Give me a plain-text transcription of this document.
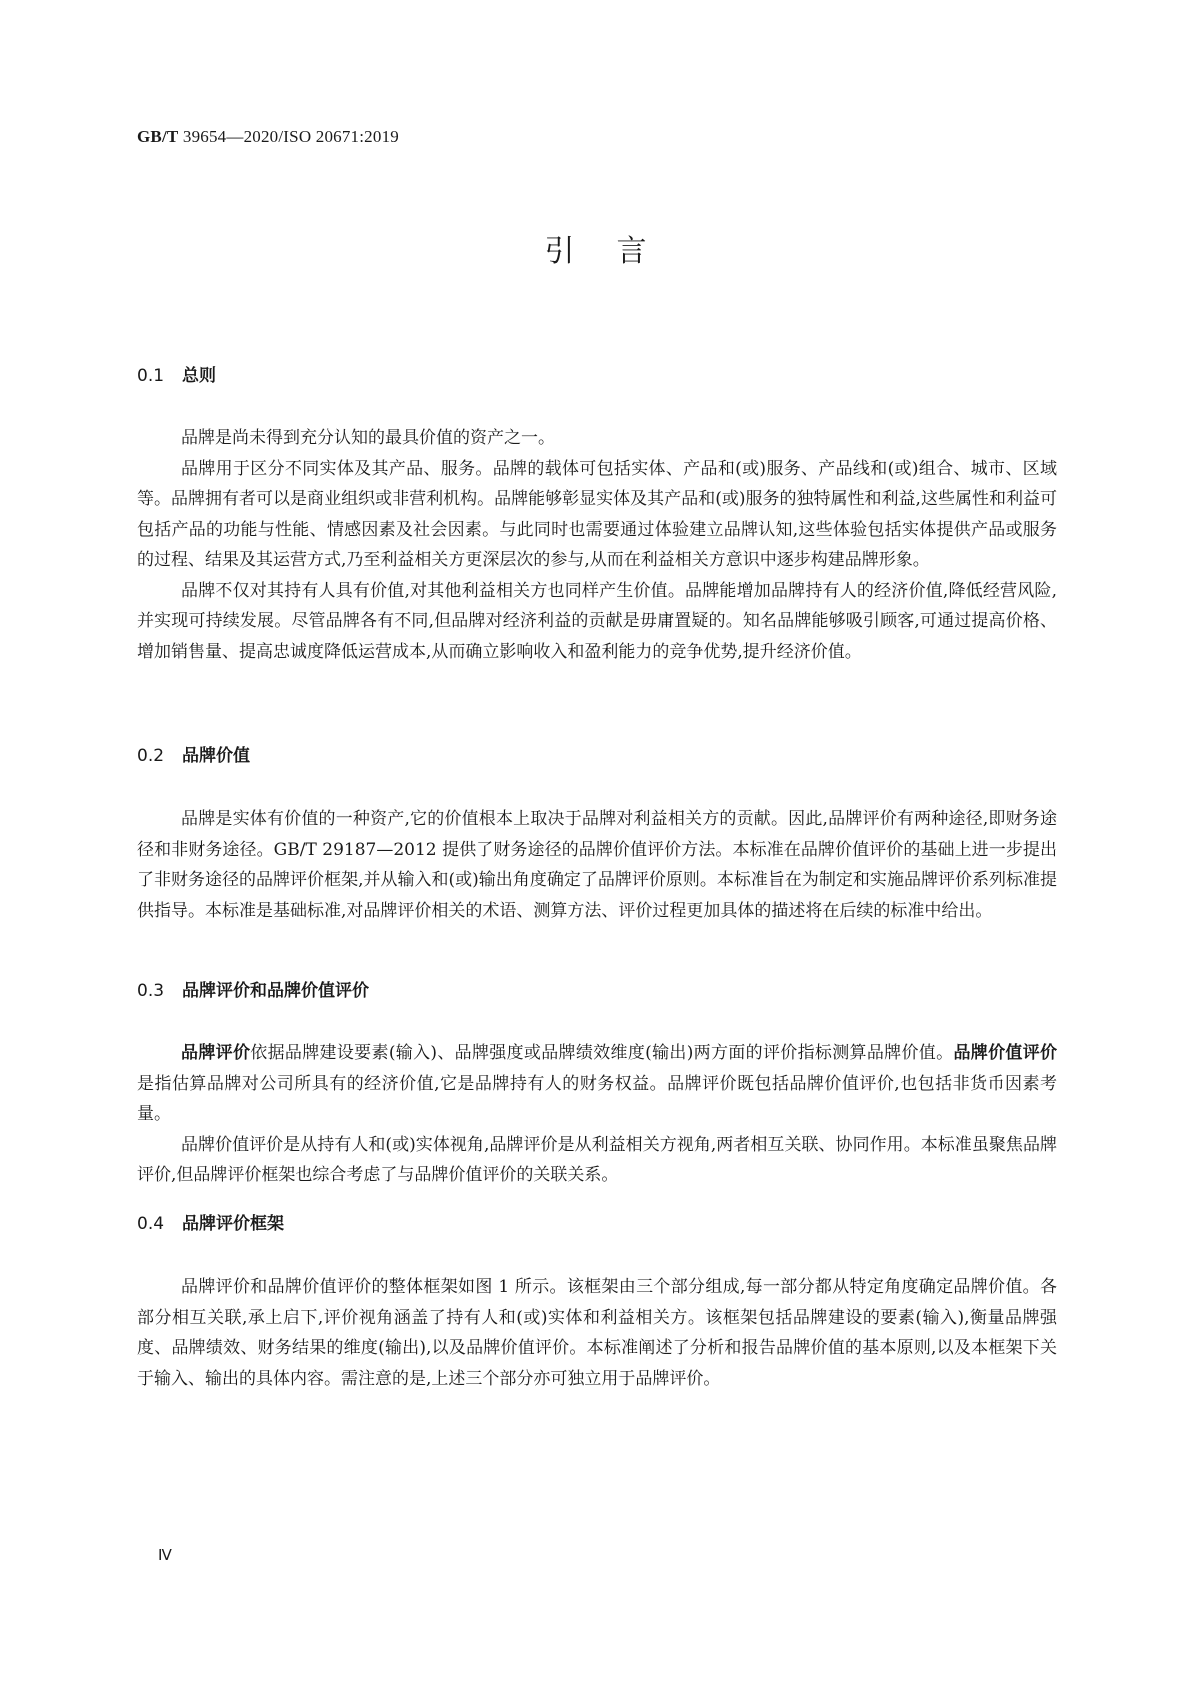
GB/T 39654—2020/ISO 20671:2019
引言
0.1 总则

品牌是尚未得到充分认知的最具价值的资产之一。

品牌用于区分不同实体及其产品、服务。品牌的载体可包括实体、产品和(或)服务、产品线和(或)组合、城市、区域等。品牌拥有者可以是商业组织或非营利机构。品牌能够彰显实体及其产品和(或)服务的独特属性和利益,这些属性和利益可包括产品的功能与性能、情感因素及社会因素。与此同时也需要通过体验建立品牌认知,这些体验包括实体提供产品或服务的过程、结果及其运营方式,乃至利益相关方更深层次的参与,从而在利益相关方意识中逐步构建品牌形象。

品牌不仅对其持有人具有价值,对其他利益相关方也同样产生价值。品牌能增加品牌持有人的经济价值,降低经营风险,并实现可持续发展。尽管品牌各有不同,但品牌对经济利益的贡献是毋庸置疑的。知名品牌能够吸引顾客,可通过提高价格、增加销售量、提高忠诚度降低运营成本,从而确立影响收入和盈利能力的竞争优势,提升经济价值。

0.2 品牌价值

品牌是实体有价值的一种资产,它的价值根本上取决于品牌对利益相关方的贡献。因此,品牌评价有两种途径,即财务途径和非财务途径。GB/T 29187—2012 提供了财务途径的品牌价值评价方法。本标准在品牌价值评价的基础上进一步提出了非财务途径的品牌评价框架,并从输入和(或)输出角度确定了品牌评价原则。本标准旨在为制定和实施品牌评价系列标准提供指导。本标准是基础标准,对品牌评价相关的术语、测算方法、评价过程更加具体的描述将在后续的标准中给出。

0.3 品牌评价和品牌价值评价

品牌评价依据品牌建设要素(输入)、品牌强度或品牌绩效维度(输出)两方面的评价指标测算品牌价值。品牌价值评价是指估算品牌对公司所具有的经济价值,它是品牌持有人的财务权益。品牌评价既包括品牌价值评价,也包括非货币因素考量。

品牌价值评价是从持有人和(或)实体视角,品牌评价是从利益相关方视角,两者相互关联、协同作用。本标准虽聚焦品牌评价,但品牌评价框架也综合考虑了与品牌价值评价的关联关系。

0.4 品牌评价框架

品牌评价和品牌价值评价的整体框架如图 1 所示。该框架由三个部分组成,每一部分都从特定角度确定品牌价值。各部分相互关联,承上启下,评价视角涵盖了持有人和(或)实体和利益相关方。该框架包括品牌建设的要素(输入),衡量品牌强度、品牌绩效、财务结果的维度(输出),以及品牌价值评价。本标准阐述了分析和报告品牌价值的基本原则,以及本框架下关于输入、输出的具体内容。需注意的是,上述三个部分亦可独立用于品牌评价。

Ⅳ
